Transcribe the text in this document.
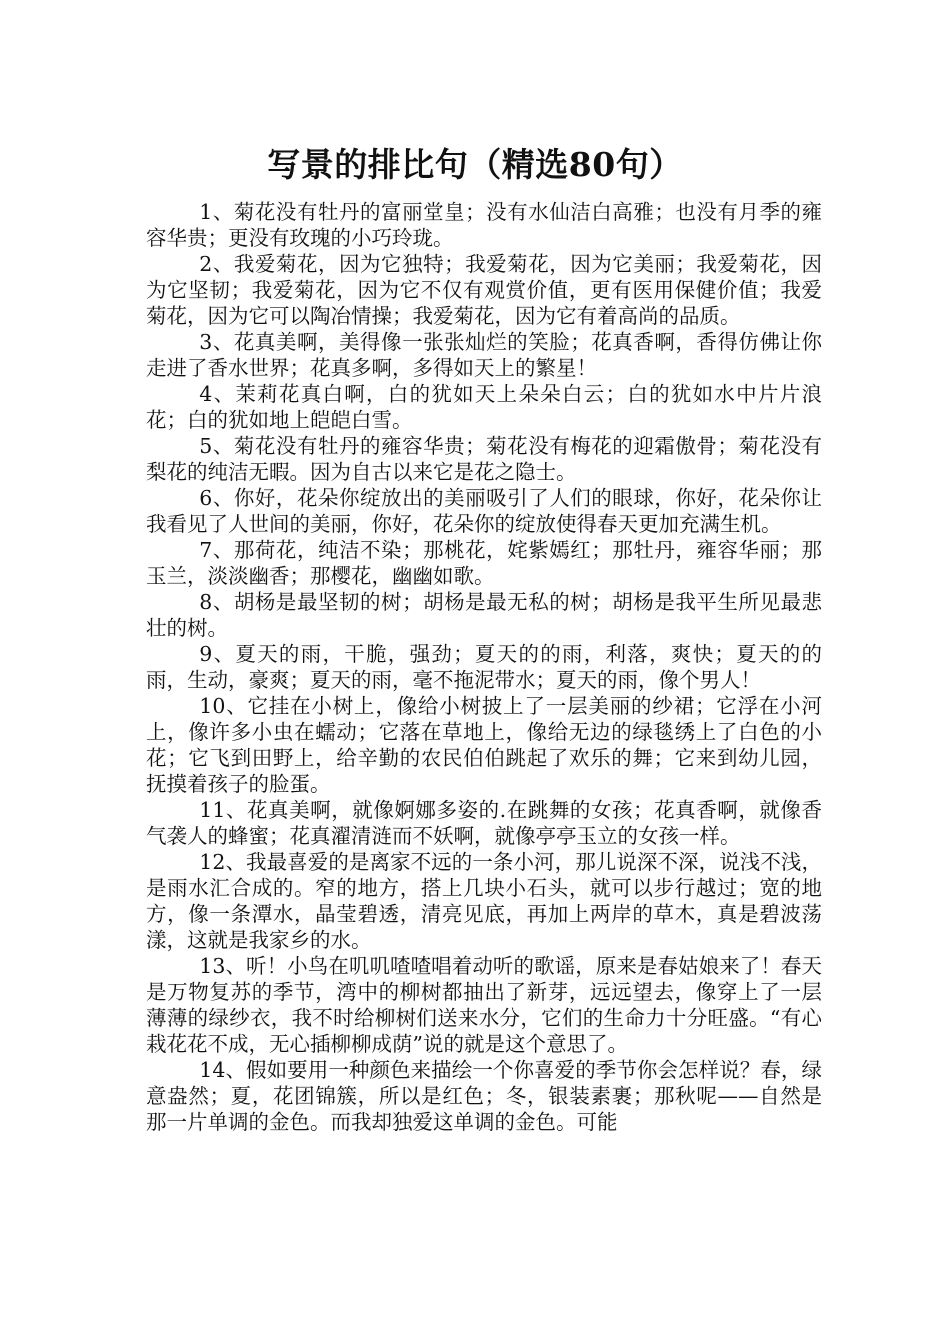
写景的排比句（精选80句）

1、菊花没有牡丹的富丽堂皇；没有水仙洁白高雅；也没有月季的雍容华贵；更没有玫瑰的小巧玲珑。

2、我爱菊花，因为它独特；我爱菊花，因为它美丽；我爱菊花，因为它坚韧；我爱菊花，因为它不仅有观赏价值，更有医用保健价值；我爱菊花，因为它可以陶冶情操；我爱菊花，因为它有着高尚的品质。

3、花真美啊，美得像一张张灿烂的笑脸；花真香啊，香得仿佛让你走进了香水世界；花真多啊，多得如天上的繁星！

4、茉莉花真白啊，白的犹如天上朵朵白云；白的犹如水中片片浪花；白的犹如地上皑皑白雪。

5、菊花没有牡丹的雍容华贵；菊花没有梅花的迎霜傲骨；菊花没有梨花的纯洁无暇。因为自古以来它是花之隐士。

6、你好，花朵你绽放出的美丽吸引了人们的眼球，你好，花朵你让我看见了人世间的美丽，你好，花朵你的绽放使得春天更加充满生机。

7、那荷花，纯洁不染；那桃花，姹紫嫣红；那牡丹，雍容华丽；那玉兰，淡淡幽香；那樱花，幽幽如歌。

8、胡杨是最坚韧的树；胡杨是最无私的树；胡杨是我平生所见最悲壮的树。

9、夏天的雨，干脆，强劲；夏天的的雨，利落，爽快；夏天的的雨，生动，豪爽；夏天的雨，毫不拖泥带水；夏天的雨，像个男人！

10、它挂在小树上，像给小树披上了一层美丽的纱裙；它浮在小河上，像许多小虫在蠕动；它落在草地上，像给无边的绿毯绣上了白色的小花；它飞到田野上，给辛勤的农民伯伯跳起了欢乐的舞；它来到幼儿园，抚摸着孩子的脸蛋。

11、花真美啊，就像婀娜多姿的.在跳舞的女孩；花真香啊，就像香气袭人的蜂蜜；花真濯清涟而不妖啊，就像亭亭玉立的女孩一样。

12、我最喜爱的是离家不远的一条小河，那儿说深不深，说浅不浅，是雨水汇合成的。窄的地方，搭上几块小石头，就可以步行越过；宽的地方，像一条潭水，晶莹碧透，清亮见底，再加上两岸的草木，真是碧波荡漾，这就是我家乡的水。

13、听！小鸟在叽叽喳喳唱着动听的歌谣，原来是春姑娘来了！春天是万物复苏的季节，湾中的柳树都抽出了新芽，远远望去，像穿上了一层薄薄的绿纱衣，我不时给柳树们送来水分，它们的生命力十分旺盛。“有心栽花花不成，无心插柳柳成荫”说的就是这个意思了。

14、假如要用一种颜色来描绘一个你喜爱的季节你会怎样说？春，绿意盎然；夏，花团锦簇，所以是红色；冬，银装素裹；那秋呢——自然是那一片单调的金色。而我却独爱这单调的金色。可能
